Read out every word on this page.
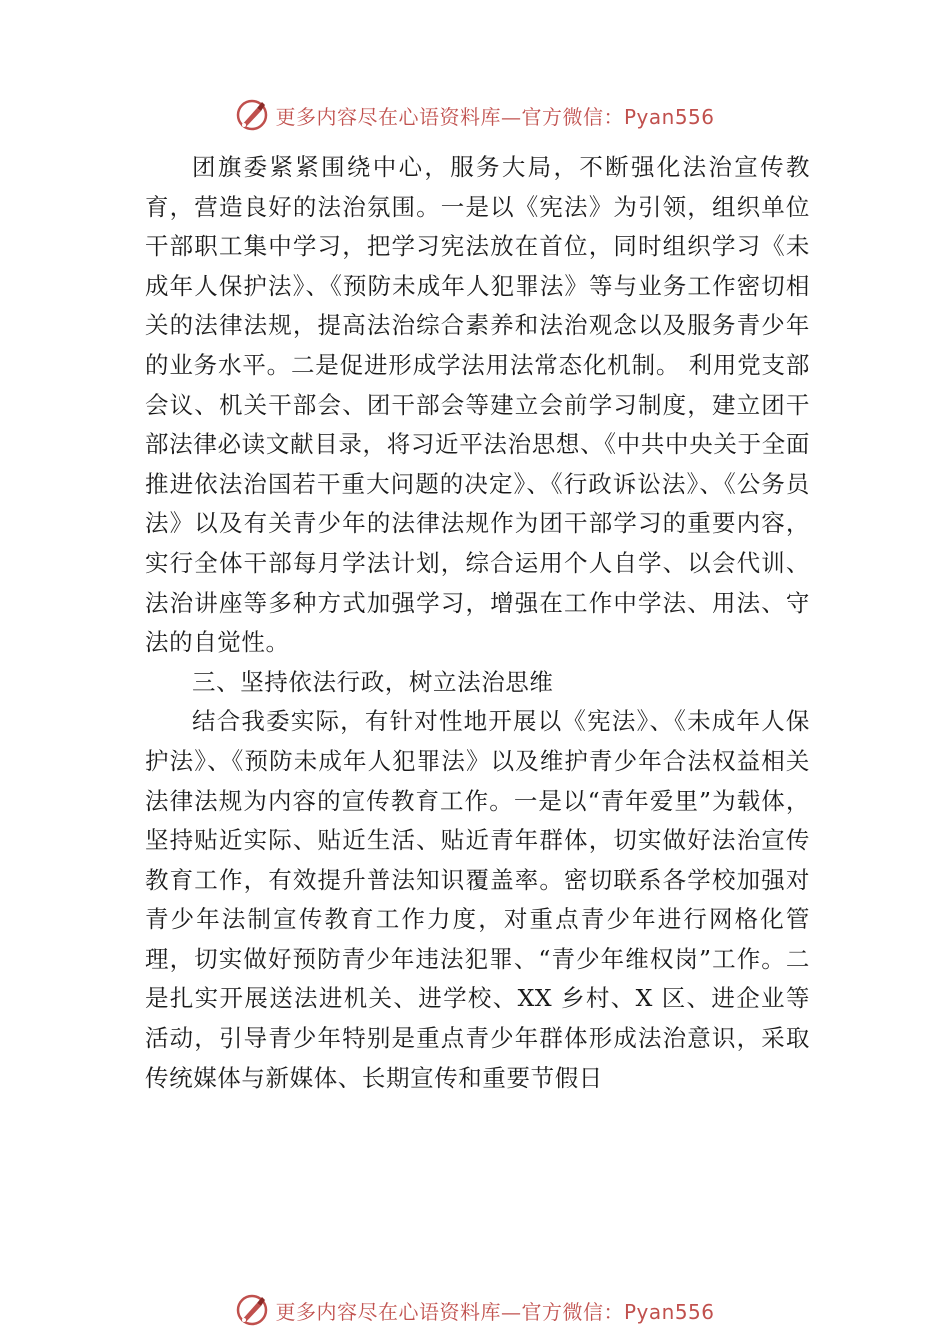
更多内容尽在心语资料库—官方微信：Pyan556

团旗委紧紧围绕中心，服务大局，不断强化法治宣传教育，营造良好的法治氛围。一是以《宪法》为引领，组织单位干部职工集中学习，把学习宪法放在首位，同时组织学习《未成年人保护法》、《预防未成年人犯罪法》等与业务工作密切相关的法律法规，提高法治综合素养和法治观念以及服务青少年的业务水平。二是促进形成学法用法常态化机制。 利用党支部会议、机关干部会、团干部会等建立会前学习制度，建立团干部法律必读文献目录，将习近平法治思想、《中共中央关于全面推进依法治国若干重大问题的决定》、《行政诉讼法》、《公务员法》以及有关青少年的法律法规作为团干部学习的重要内容，实行全体干部每月学法计划，综合运用个人自学、以会代训、法治讲座等多种方式加强学习，增强在工作中学法、用法、守法的自觉性。

三、坚持依法行政，树立法治思维

结合我委实际，有针对性地开展以《宪法》、《未成年人保护法》、《预防未成年人犯罪法》以及维护青少年合法权益相关法律法规为内容的宣传教育工作。一是以“青年爱里”为载体，坚持贴近实际、贴近生活、贴近青年群体，切实做好法治宣传教育工作，有效提升普法知识覆盖率。密切联系各学校加强对青少年法制宣传教育工作力度，对重点青少年进行网格化管理，切实做好预防青少年违法犯罪、“青少年维权岗”工作。二是扎实开展送法进机关、进学校、XX 乡村、X 区、进企业等活动，引导青少年特别是重点青少年群体形成法治意识，采取传统媒体与新媒体、长期宣传和重要节假日

更多内容尽在心语资料库—官方微信：Pyan556
